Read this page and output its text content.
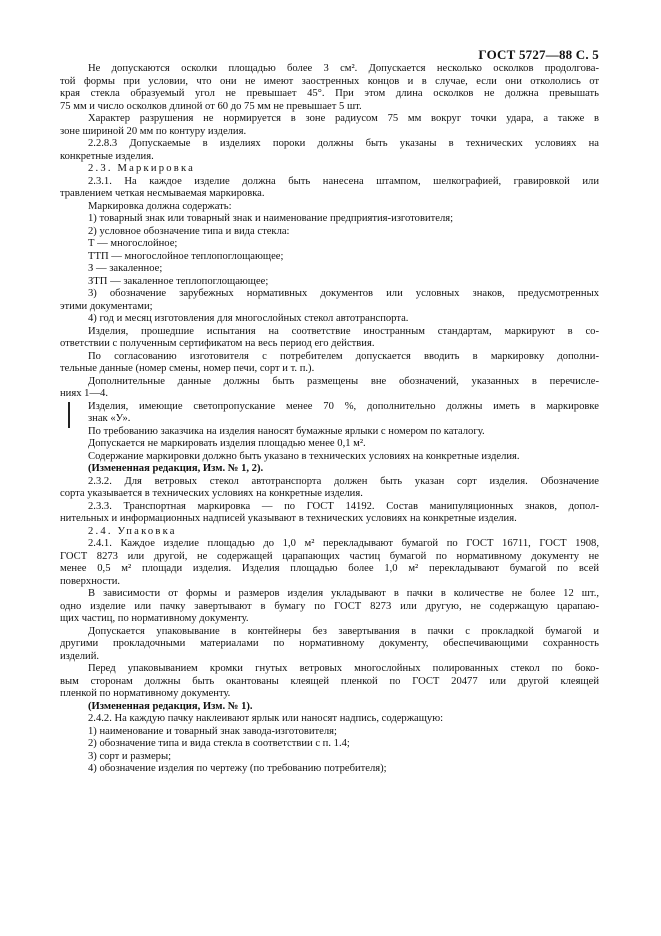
ГОСТ 5727—88 С. 5
Не допускаются осколки площадью более 3 см². Допускается несколько осколков продолгова-
той формы при условии, что они не имеют заостренных концов и в случае, если они откололись от
края стекла образуемый угол не превышает 45°. При этом длина осколков не должна превышать
75 мм и число осколков длиной от 60 до 75 мм не превышает 5 шт.
Характер разрушения не нормируется в зоне радиусом 75 мм вокруг точки удара, а также в
зоне шириной 20 мм по контуру изделия.
2.2.8.3 Допускаемые в изделиях пороки должны быть указаны в технических условиях на
конкретные изделия.
2.3. Маркировка
2.3.1. На каждое изделие должна быть нанесена штампом, шелкографией, гравировкой или
травлением четкая несмываемая маркировка.
Маркировка должна содержать:
1) товарный знак или товарный знак и наименование предприятия-изготовителя;
2) условное обозначение типа и вида стекла:
Т — многослойное;
ТТП — многослойное теплопоглощающее;
З — закаленное;
ЗТП — закаленное теплопоглощающее;
3) обозначение зарубежных нормативных документов или условных знаков, предусмотренных
этими документами;
4) год и месяц изготовления для многослойных стекол автотранспорта.
Изделия, прошедшие испытания на соответствие иностранным стандартам, маркируют в со-
ответствии с полученным сертификатом на весь период его действия.
По согласованию изготовителя с потребителем допускается вводить в маркировку дополни-
тельные данные (номер смены, номер печи, сорт и т. п.).
Дополнительные данные должны быть размещены вне обозначений, указанных в перечисле-
ниях 1—4.
Изделия, имеющие светопропускание менее 70 %, дополнительно должны иметь в маркировке
знак «У».
По требованию заказчика на изделия наносят бумажные ярлыки с номером по каталогу.
Допускается не маркировать изделия площадью менее 0,1 м².
Содержание маркировки должно быть указано в технических условиях на конкретные изделия.
(Измененная редакция, Изм. № 1, 2).
2.3.2. Для ветровых стекол автотранспорта должен быть указан сорт изделия. Обозначение
сорта указывается в технических условиях на конкретные изделия.
2.3.3. Транспортная маркировка — по ГОСТ 14192. Состав манипуляционных знаков, допол-
нительных и информационных надписей указывают в технических условиях на конкретные изделия.
2.4. Упаковка
2.4.1. Каждое изделие площадью до 1,0 м² перекладывают бумагой по ГОСТ 16711, ГОСТ 1908,
ГОСТ 8273 или другой, не содержащей царапающих частиц бумагой по нормативному документу не
менее 0,5 м² площади изделия. Изделия площадью более 1,0 м² перекладывают бумагой по всей
поверхности.
В зависимости от формы и размеров изделия укладывают в пачки в количестве не более 12 шт.,
одно изделие или пачку завертывают в бумагу по ГОСТ 8273 или другую, не содержащую царапаю-
щих частиц, по нормативному документу.
Допускается упаковывание в контейнеры без завертывания в пачки с прокладкой бумагой и
другими прокладочными материалами по нормативному документу, обеспечивающими сохранность
изделий.
Перед упаковыванием кромки гнутых ветровых многослойных полированных стекол по боко-
вым сторонам должны быть окантованы клеящей пленкой по ГОСТ 20477 или другой клеящей
пленкой по нормативному документу.
(Измененная редакция, Изм. № 1).
2.4.2. На каждую пачку наклеивают ярлык или наносят надпись, содержащую:
1) наименование и товарный знак завода-изготовителя;
2) обозначение типа и вида стекла в соответствии с п. 1.4;
3) сорт и размеры;
4) обозначение изделия по чертежу (по требованию потребителя);
